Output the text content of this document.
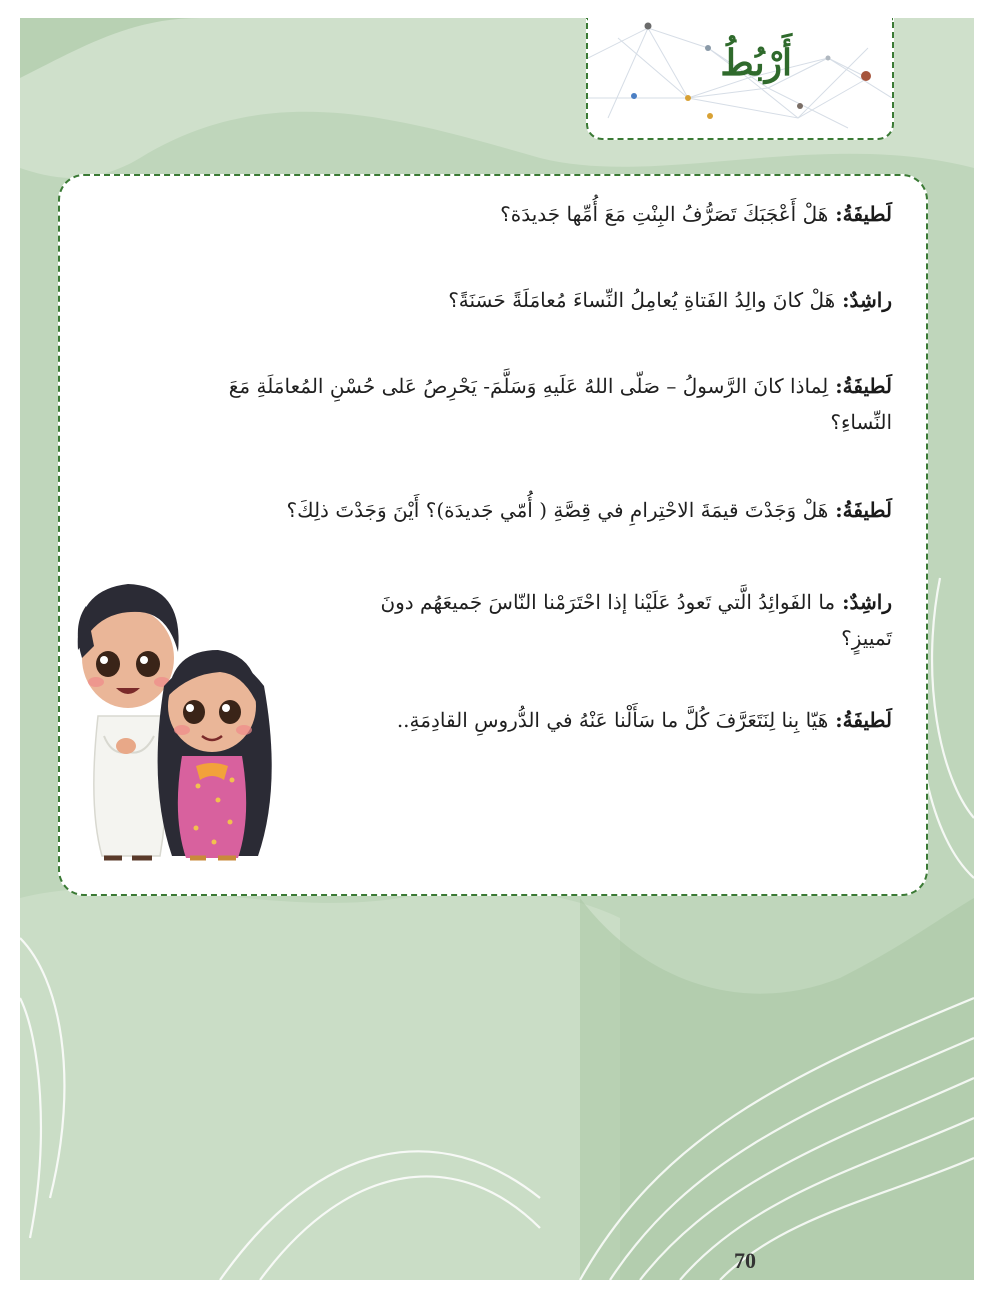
أَرْبُطُ
لَطيفَةُ: هَلْ أَعْجَبَكَ تَصَرُّفُ البِنْتِ مَعَ أُمِّها جَديدَة؟
راشِدٌ: هَلْ كانَ والِدُ الفَتاةِ يُعامِلُ النِّساءَ مُعامَلَةً حَسَنَةً؟
لَطيفَةُ: لِماذا كانَ الرَّسولُ – صَلّى اللهُ عَلَيهِ وَسَلَّمَ- يَحْرِصُ عَلى حُسْنِ المُعامَلَةِ مَعَ النِّساءِ؟
لَطيفَةُ: هَلْ وَجَدْتَ قيمَةَ الاحْتِرامِ في قِصَّةِ ( أُمّي جَديدَة)؟ أَيْنَ وَجَدْتَ ذلِكَ؟
راشِدٌ: ما الفَوائِدُ الَّتي تَعودُ عَلَيْنا إذا احْتَرَمْنا النّاسَ جَميعَهُم دونَ تَمييزٍ؟
لَطيفَةُ: هَيّا بِنا لِنَتَعَرَّفَ كُلَّ ما سَأَلْنا عَنْهُ في الدُّروسِ القادِمَةِ..
70
